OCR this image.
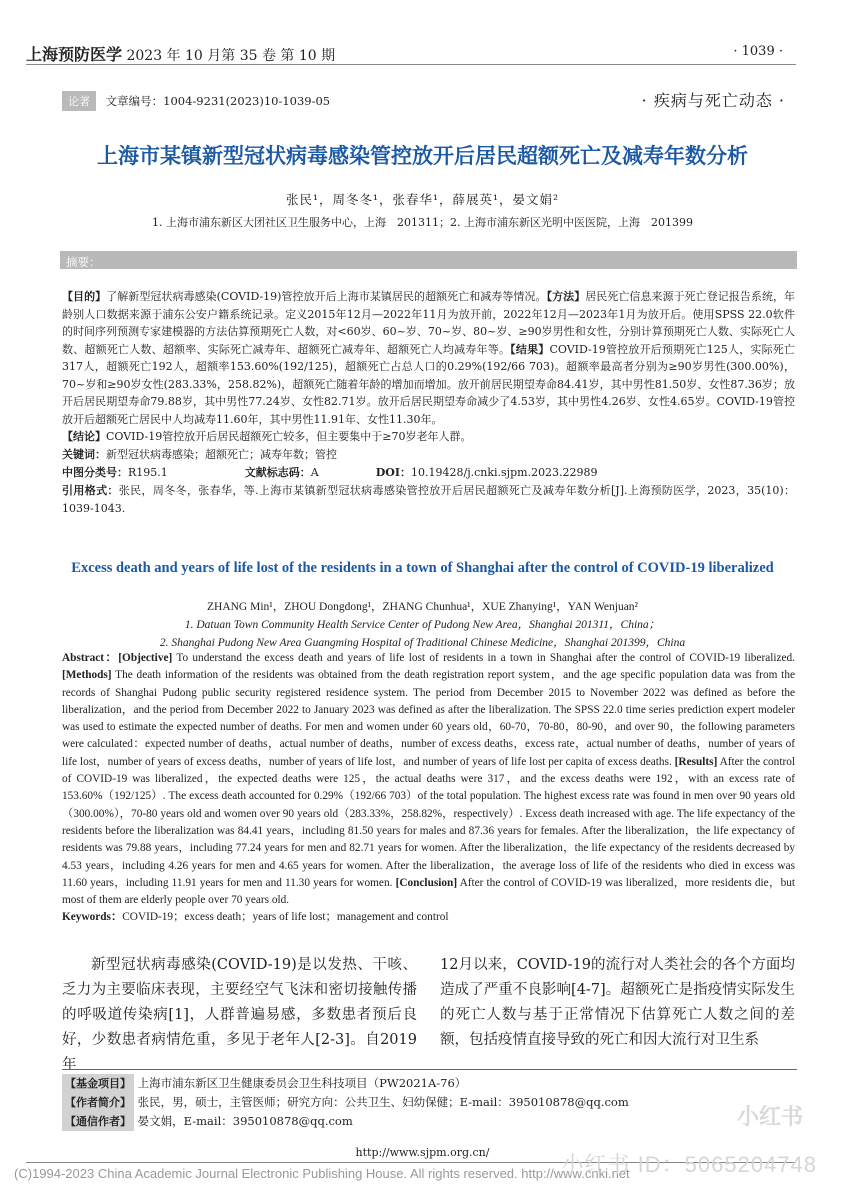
上海预防医学 2023 年 10 月第 35 卷 第 10 期	· 1039 ·
论著 文章编号：1004-9231(2023)10-1039-05	· 疾病与死亡动态 ·
上海市某镇新型冠状病毒感染管控放开后居民超额死亡及减寿年数分析
张民¹，周冬冬¹，张春华¹，薛展英¹，晏文娟²
1. 上海市浦东新区大团社区卫生服务中心，上海　201311；2. 上海市浦东新区光明中医医院，上海　201399
摘要：
【目的】了解新型冠状病毒感染(COVID-19)管控放开后上海市某镇居民的超额死亡和减寿等情况。【方法】居民死亡信息来源于死亡登记报告系统，年龄别人口数据来源于浦东公安户籍系统记录。定义2015年12月—2022年11月为放开前，2022年12月—2023年1月为放开后。使用SPSS 22.0软件的时间序列预测专家建模器的方法估算预期死亡人数，对<60岁、60~岁、70~岁、80~岁、≥90岁男性和女性，分别计算预期死亡人数、实际死亡人数、超额死亡人数、超额率、实际死亡减寿年、超额死亡减寿年、超额死亡人均减寿年等。【结果】COVID-19管控放开后预期死亡125人，实际死亡317人，超额死亡192人，超额率153.60%(192/125)，超额死亡占总人口的0.29%(192/66 703)。超额率最高者分别为≥90岁男性(300.00%)，70~岁和≥90岁女性(283.33%，258.82%)，超额死亡随着年龄的增加而增加。放开前居民期望寿命84.41岁，其中男性81.50岁、女性87.36岁；放开后居民期望寿命79.88岁，其中男性77.24岁、女性82.71岁。放开后居民期望寿命减少了4.53岁，其中男性4.26岁、女性4.65岁。COVID-19管控放开后超额死亡居民中人均减寿11.60年，其中男性11.91年、女性11.30年。
【结论】COVID-19管控放开后居民超额死亡较多，但主要集中于≥70岁老年人群。
关键词：新型冠状病毒感染；超额死亡；减寿年数；管控
中图分类号：R195.1	文献标志码：A	DOI：10.19428/j.cnki.sjpm.2023.22989
引用格式：张民，周冬冬，张春华，等.上海市某镇新型冠状病毒感染管控放开后居民超额死亡及减寿年数分析[J].上海预防医学，2023，35(10)：1039-1043.
Excess death and years of life lost of the residents in a town of Shanghai after the control of COVID-19 liberalized
ZHANG Min¹，ZHOU Dongdong¹，ZHANG Chunhua¹，XUE Zhanying¹，YAN Wenjuan²
1. Datuan Town Community Health Service Center of Pudong New Area，Shanghai 201311，China；
2. Shanghai Pudong New Area Guangming Hospital of Traditional Chinese Medicine，Shanghai 201399，China
Abstract：[Objective] To understand the excess death and years of life lost of residents in a town in Shanghai after the control of COVID-19 liberalized. [Methods] The death information of the residents was obtained from the death registration report system，and the age specific population data was from the records of Shanghai Pudong public security registered residence system. The period from December 2015 to November 2022 was defined as before the liberalization，and the period from December 2022 to January 2023 was defined as after the liberalization. The SPSS 22.0 time series prediction expert modeler was used to estimate the expected number of deaths. For men and women under 60 years old，60-70，70-80，80-90，and over 90，the following parameters were calculated：expected number of deaths，actual number of deaths，number of excess deaths，excess rate，actual number of deaths，number of years of life lost，number of years of excess deaths，number of years of life lost，and number of years of life lost per capita of excess deaths. [Results] After the control of COVID-19 was liberalized，the expected deaths were 125，the actual deaths were 317，and the excess deaths were 192，with an excess rate of 153.60%（192/125）. The excess death accounted for 0.29%（192/66 703）of the total population. The highest excess rate was found in men over 90 years old（300.00%），70-80 years old and women over 90 years old（283.33%，258.82%，respectively）. Excess death increased with age. The life expectancy of the residents before the liberalization was 84.41 years，including 81.50 years for males and 87.36 years for females. After the liberalization，the life expectancy of residents was 79.88 years，including 77.24 years for men and 82.71 years for women. After the liberalization，the life expectancy of the residents decreased by 4.53 years，including 4.26 years for men and 4.65 years for women. After the liberalization，the average loss of life of the residents who died in excess was 11.60 years，including 11.91 years for men and 11.30 years for women. [Conclusion] After the control of COVID-19 was liberalized，more residents die，but most of them are elderly people over 70 years old.
Keywords：COVID-19；excess death；years of life lost；management and control
新型冠状病毒感染(COVID-19)是以发热、干咳、乏力为主要临床表现，主要经空气飞沫和密切接触传播的呼吸道传染病[1]，人群普遍易感，多数患者预后良好，少数患者病情危重，多见于老年人[2-3]。自2019年
12月以来，COVID-19的流行对人类社会的各个方面均造成了严重不良影响[4-7]。超额死亡是指疫情实际发生的死亡人数与基于正常情况下估算死亡人数之间的差额，包括疫情直接导致的死亡和因大流行对卫生系
【基金项目】 上海市浦东新区卫生健康委员会卫生科技项目（PW2021A-76）
【作者简介】 张民，男，硕士，主管医师；研究方向：公共卫生、妇幼保健；E-mail：395010878@qq.com
【通信作者】 晏文娟，E-mail：395010878@qq.com
http://www.sjpm.org.cn/
(C)1994-2023 China Academic Journal Electronic Publishing House. All rights reserved. http://www.cnki.net
小红书
小红书 ID：5065204748
